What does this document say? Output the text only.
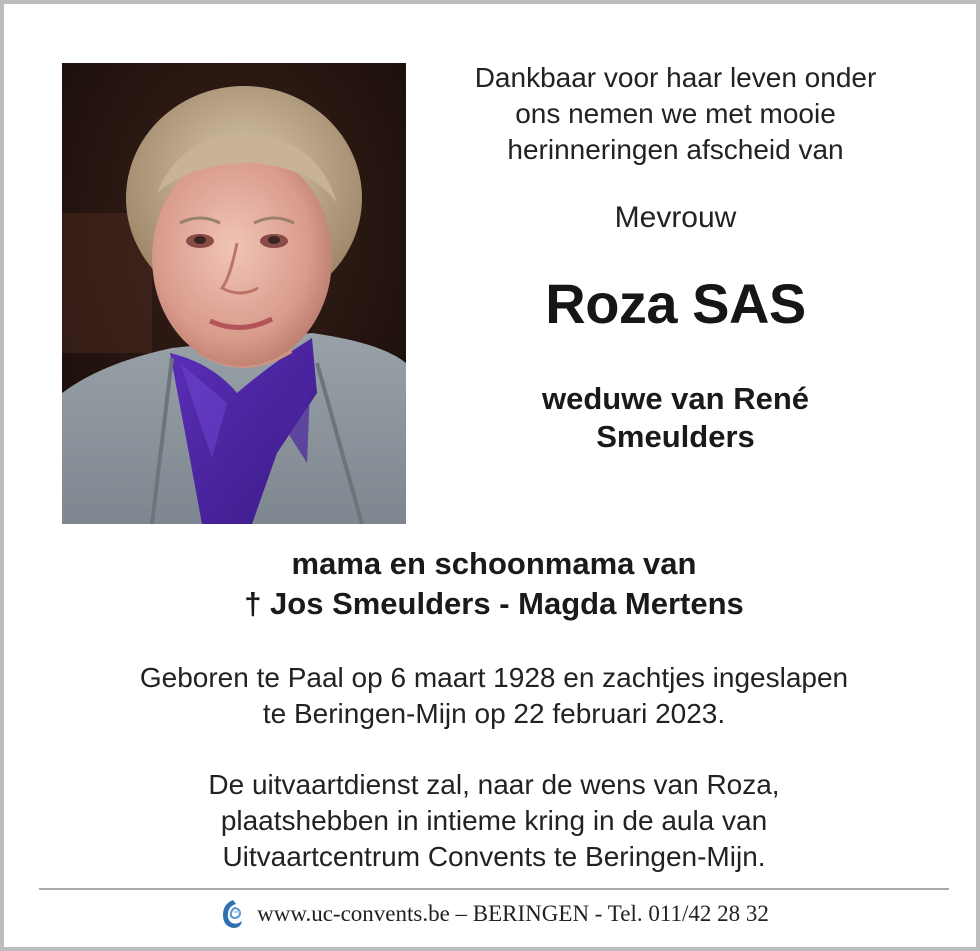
Dankbaar voor haar leven onder
ons nemen we met mooie
herinneringen afscheid van
Mevrouw
Roza SAS
weduwe van René
Smeulders
mama en schoonmama van
† Jos Smeulders - Magda Mertens
Geboren te Paal op 6 maart 1928 en zachtjes ingeslapen
te Beringen-Mijn op 22 februari 2023.
De uitvaartdienst zal, naar de wens van Roza,
plaatshebben in intieme kring in de aula van
Uitvaartcentrum Convents te Beringen-Mijn.
www.uc-convents.be – BERINGEN - Tel. 011/42 28 32
